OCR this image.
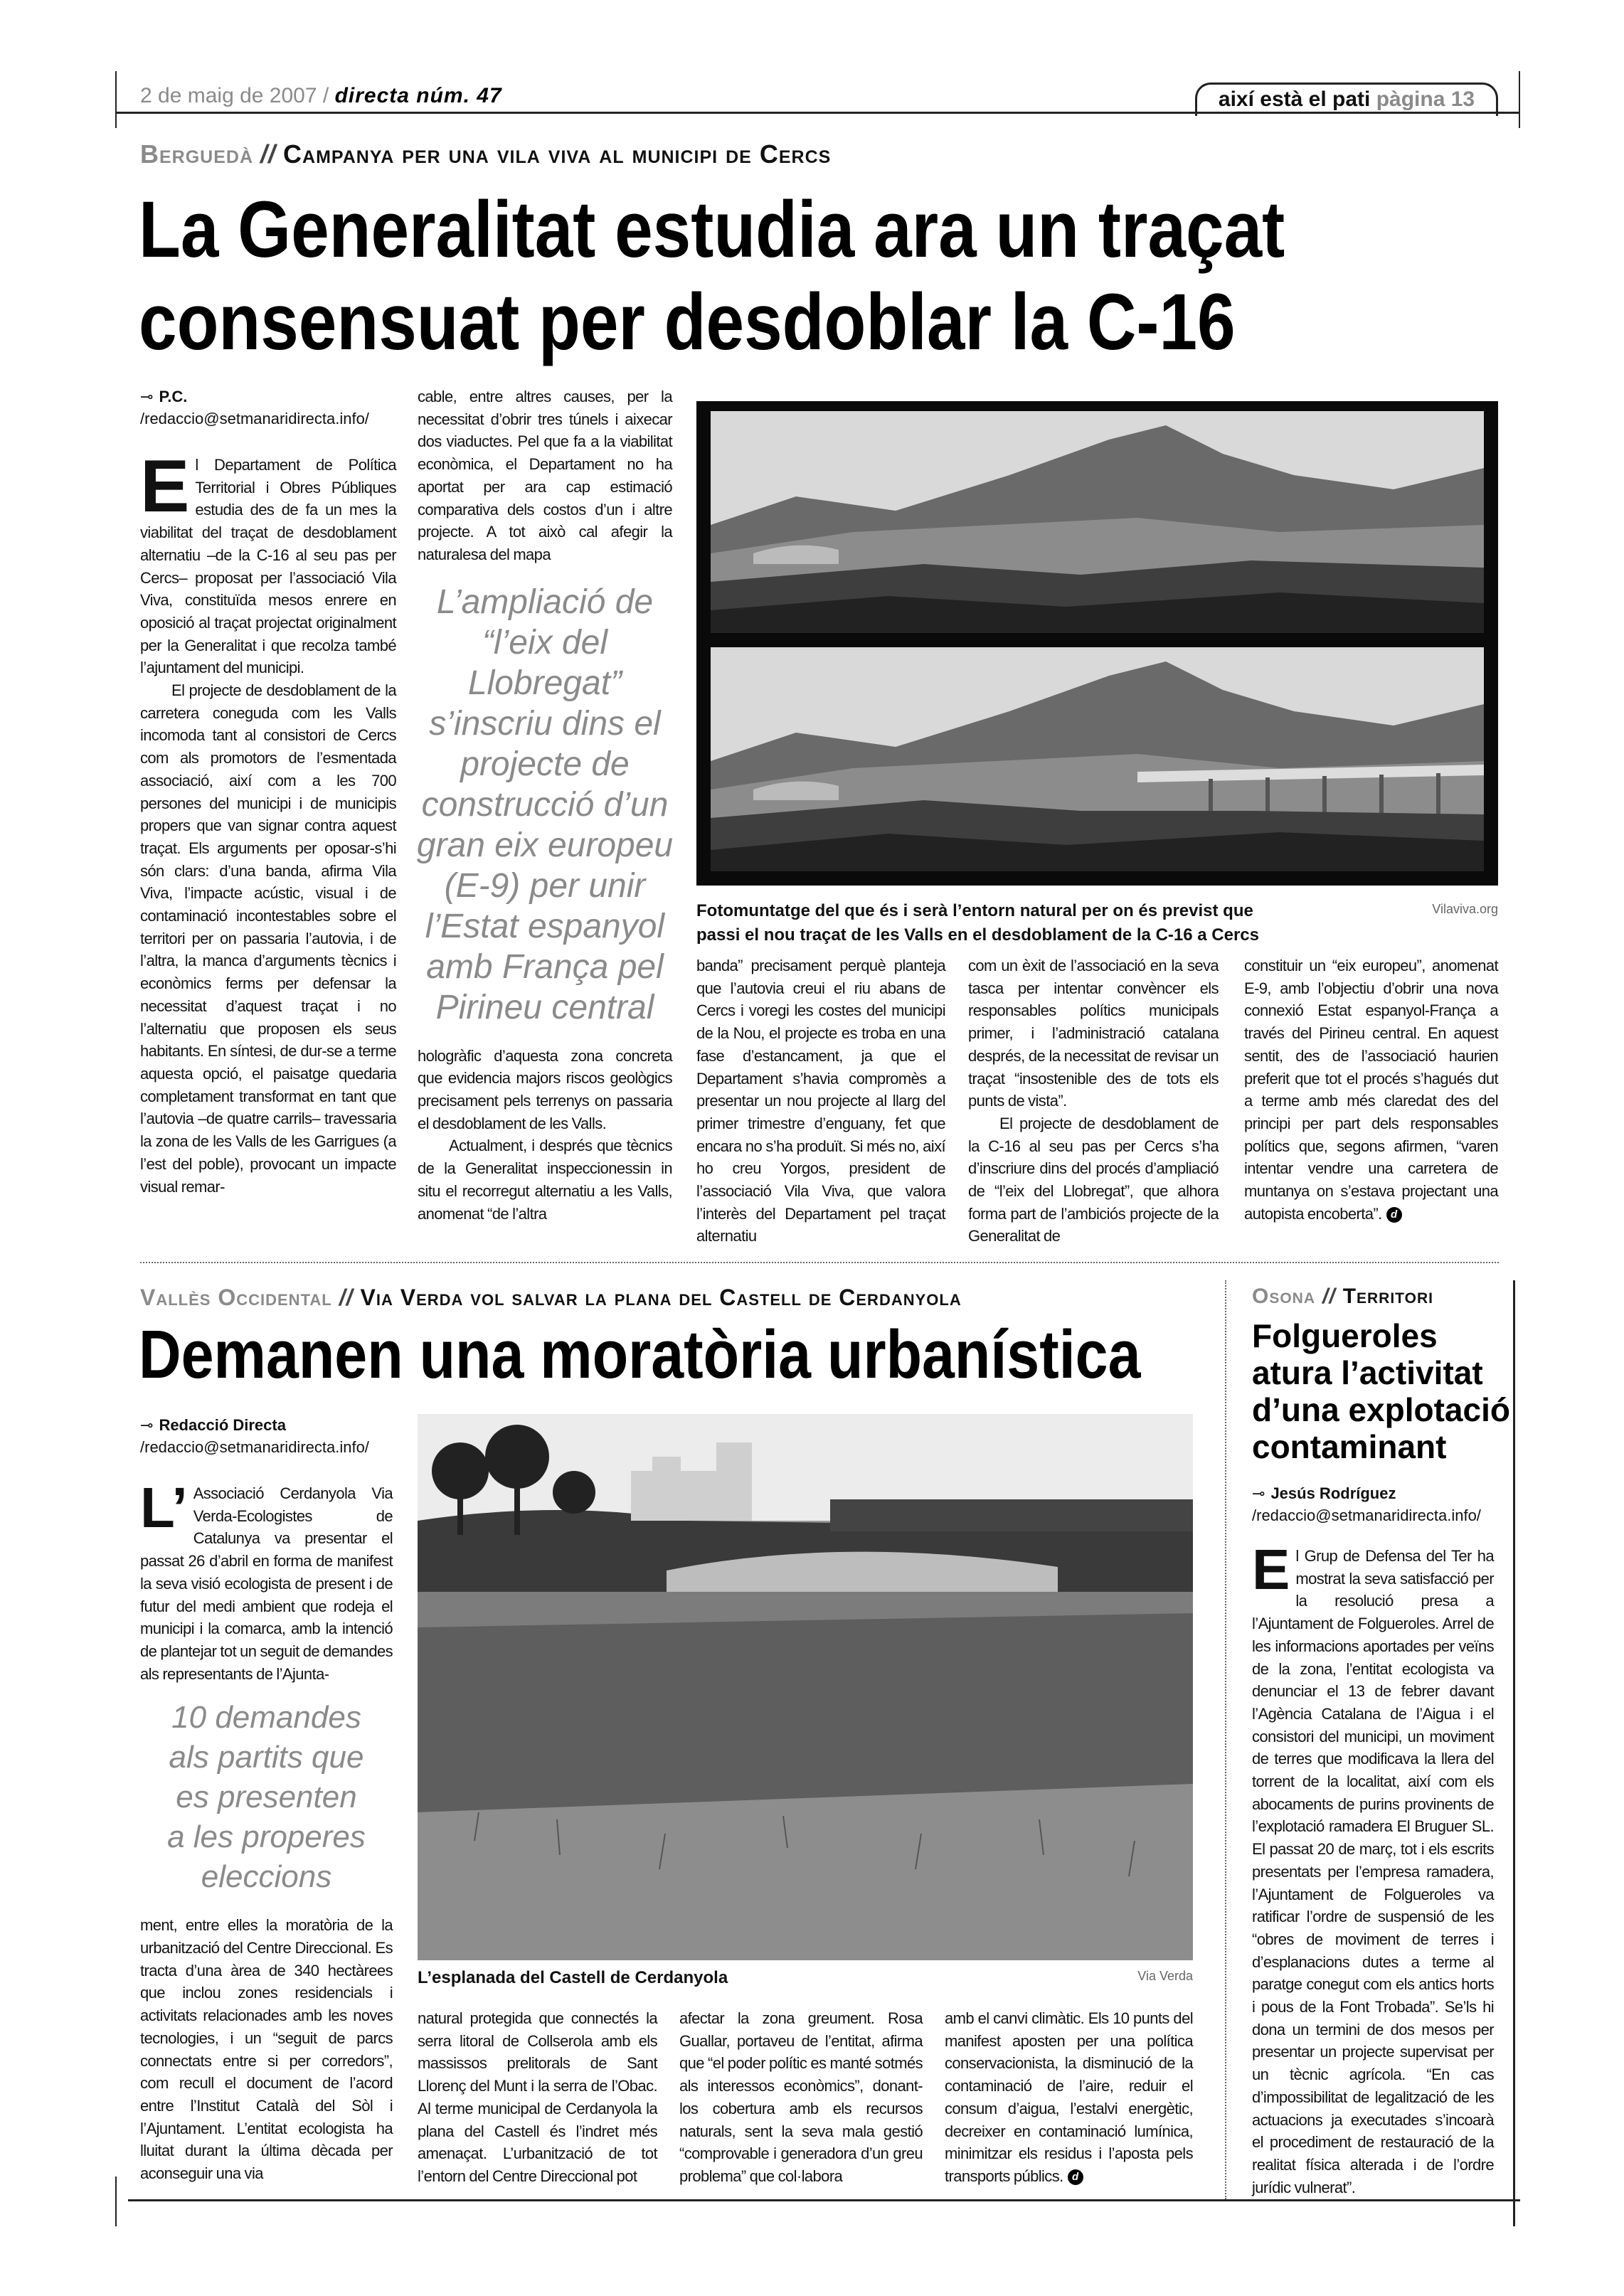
2 de maig de 2007 / directa núm. 47	així està el pati pàgina 13
Berguedà // Campanya per una vila viva al municipi de Cercs
La Generalitat estudia ara un traçat
consensuat per desdoblar la C-16
⊸ P.C.
/redaccio@setmanaridirecta.info/

El Departament de Política Territorial i Obres Públiques estudia des de fa un mes la viabilitat del traçat de desdoblament alternatiu –de la C-16 al seu pas per Cercs– proposat per l’associació Vila Viva, constituïda mesos enrere en oposició al traçat projectat originalment per la Generalitat i que recolza també l’ajuntament del municipi.

El projecte de desdoblament de la carretera coneguda com les Valls incomoda tant al consistori de Cercs com als promotors de l’esmentada associació, així com a les 700 persones del municipi i de municipis propers que van signar contra aquest traçat. Els arguments per oposar-s’hi són clars: d’una banda, afirma Vila Viva, l’impacte acústic, visual i de contaminació incontestables sobre el territori per on passaria l’autovia, i de l’altra, la manca d’arguments tècnics i econòmics ferms per defensar la necessitat d’aquest traçat i no l’alternatiu que proposen els seus habitants. En síntesi, de dur-se a terme aquesta opció, el paisatge quedaria completament transformat en tant que l’autovia –de quatre carrils– travessaria la zona de les Valls de les Garrigues (a l’est del poble), provocant un impacte visual remar-

cable, entre altres causes, per la necessitat d’obrir tres túnels i aixecar dos viaductes. Pel que fa a la viabilitat econòmica, el Departament no ha aportat per ara cap estimació comparativa dels costos d’un i altre projecte. A tot això cal afegir la naturalesa del mapa

L’ampliació de
“l’eix del
Llobregat”
s’inscriu dins el
projecte de
construcció d’un
gran eix europeu
(E-9) per unir
l’Estat espanyol
amb França pel
Pirineu central

hologràfic d’aquesta zona concreta que evidencia majors riscos geològics precisament pels terrenys on passaria el desdoblament de les Valls.

Actualment, i després que tècnics de la Generalitat inspeccionessin in situ el recorregut alternatiu a les Valls, anomenat “de l’altra

Fotomuntatge del que és i serà l’entorn natural per on és previst que passi el nou traçat de les Valls en el desdoblament de la C-16 a Cercs
Vilaviva.org

banda” precisament perquè planteja que l’autovia creui el riu abans de Cercs i voregi les costes del municipi de la Nou, el projecte es troba en una fase d’estancament, ja que el Departament s’havia compromès a presentar un nou projecte al llarg del primer trimestre d’enguany, fet que encara no s’ha produït. Si més no, així ho creu Yorgos, president de l’associació Vila Viva, que valora l’interès del Departament pel traçat alternatiu

com un èxit de l’associació en la seva tasca per intentar convèncer els responsables polítics municipals primer, i l’administració catalana després, de la necessitat de revisar un traçat “insostenible des de tots els punts de vista”.

El projecte de desdoblament de la C-16 al seu pas per Cercs s’ha d’inscriure dins del procés d’ampliació de “l’eix del Llobregat”, que alhora forma part de l’ambiciós projecte de la Generalitat de

constituir un “eix europeu”, anomenat E-9, amb l’objectiu d’obrir una nova connexió Estat espanyol-França a través del Pirineu central. En aquest sentit, des de l’associació haurien preferit que tot el procés s’hagués dut a terme amb més claredat des del principi per part dels responsables polítics que, segons afirmen, “varen intentar vendre una carretera de muntanya on s’estava projectant una autopista encoberta”. d

Vallès Occidental // Via Verda vol salvar la plana del Castell de Cerdanyola
Demanen una moratòria urbanística
⊸ Redacció Directa
/redaccio@setmanaridirecta.info/

L’ Associació Cerdanyola Via Verda-Ecologistes de Catalunya va presentar el passat 26 d’abril en forma de manifest la seva visió ecologista de present i de futur del medi ambient que rodeja el municipi i la comarca, amb la intenció de plantejar tot un seguit de demandes als representants de l’Ajunta-

10 demandes
als partits que
es presenten
a les properes
eleccions

ment, entre elles la moratòria de la urbanització del Centre Direccional. Es tracta d’una àrea de 340 hectàrees que inclou zones residencials i activitats relacionades amb les noves tecnologies, i un “seguit de parcs connectats entre si per corredors”, com recull el document de l’acord entre l’Institut Català del Sòl i l’Ajuntament. L’entitat ecologista ha lluitat durant la última dècada per aconseguir una via

L’esplanada del Castell de Cerdanyola	Via Verda

natural protegida que connectés la serra litoral de Collserola amb els massissos prelitorals de Sant Llorenç del Munt i la serra de l’Obac. Al terme municipal de Cerdanyola la plana del Castell és l’indret més amenaçat. L’urbanització de tot l’entorn del Centre Direccional pot

afectar la zona greument. Rosa Guallar, portaveu de l’entitat, afirma que “el poder polític es manté sotmés als interessos econòmics”, donant-los cobertura amb els recursos naturals, sent la seva mala gestió “comprovable i generadora d’un greu problema” que col·labora

amb el canvi climàtic. Els 10 punts del manifest aposten per una política conservacionista, la disminució de la contaminació de l’aire, reduir el consum d’aigua, l’estalvi energètic, decreixer en contaminació lumínica, minimitzar els residus i l’aposta pels transports públics. d

Osona // Territori
Folgueroles
atura l’activitat
d’una explotació
contaminant
⊸ Jesús Rodríguez
/redaccio@setmanaridirecta.info/

El Grup de Defensa del Ter ha mostrat la seva satisfacció per la resolució presa a l’Ajuntament de Folgueroles. Arrel de les informacions aportades per veïns de la zona, l’entitat ecologista va denunciar el 13 de febrer davant l’Agència Catalana de l’Aigua i el consistori del municipi, un moviment de terres que modificava la llera del torrent de la localitat, així com els abocaments de purins provinents de l’explotació ramadera El Bruguer SL. El passat 20 de març, tot i els escrits presentats per l’empresa ramadera, l’Ajuntament de Folgueroles va ratificar l’ordre de suspensió de les “obres de moviment de terres i d’esplanacions dutes a terme al paratge conegut com els antics horts i pous de la Font Trobada”. Se’ls hi dona un termini de dos mesos per presentar un projecte supervisat per un tècnic agrícola. “En cas d’impossibilitat de legalització de les actuacions ja executades s’incoarà el procediment de restauració de la realitat física alterada i de l’ordre jurídic vulnerat”.
